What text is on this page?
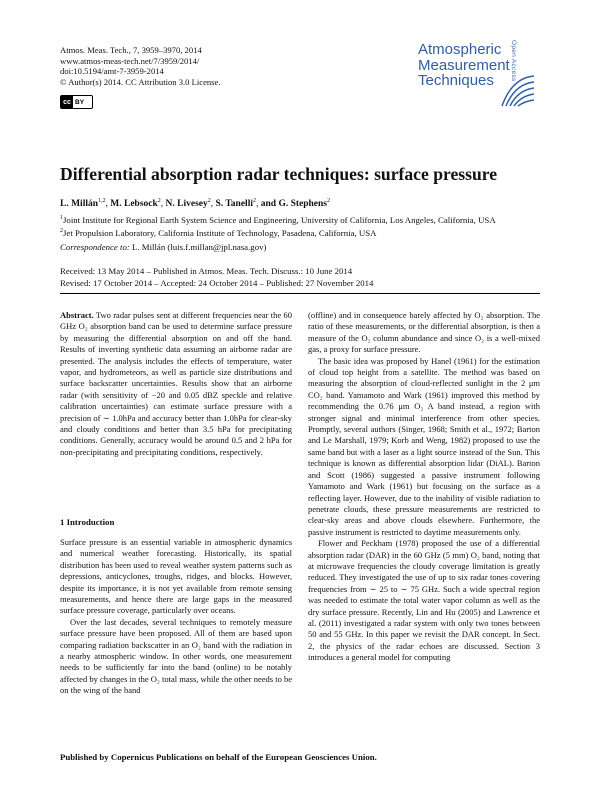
Atmos. Meas. Tech., 7, 3959–3970, 2014
www.atmos-meas-tech.net/7/3959/2014/
doi:10.5194/amt-7-3959-2014
© Author(s) 2014. CC Attribution 3.0 License.
cc BY
Atmospheric
Measurement
Techniques	Open Access
Differential absorption radar techniques: surface pressure
L. Millán$^{1,2}$, M. Lebsock$^2$, N. Livesey$^2$, S. Tanelli$^2$, and G. Stephens$^2$
$^1$Joint Institute for Regional Earth System Science and Engineering, University of California, Los Angeles, California, USA
$^2$Jet Propulsion Laboratory, California Institute of Technology, Pasadena, California, USA
Correspondence to: L. Millán (luis.f.millan@jpl.nasa.gov)
Received: 13 May 2014 – Published in Atmos. Meas. Tech. Discuss.: 10 June 2014
Revised: 17 October 2014 – Accepted: 24 October 2014 – Published: 27 November 2014

Abstract. Two radar pulses sent at different frequencies near the 60 GHz O₂ absorption band can be used to determine surface pressure by measuring the differential absorption on and off the band. Results of inverting synthetic data assuming an airborne radar are presented. The analysis includes the effects of temperature, water vapor, and hydrometeors, as well as particle size distributions and surface backscatter uncertainties. Results show that an airborne radar (with sensitivity of −20 and 0.05 dBZ speckle and relative calibration uncertainties) can estimate surface pressure with a precision of ∼ 1.0hPa and accuracy better than 1.0hPa for clear-sky and cloudy conditions and better than 3.5 hPa for precipitating conditions. Generally, accuracy would be around 0.5 and 2 hPa for non-precipitating and precipitating conditions, respectively.

1 Introduction

Surface pressure is an essential variable in atmospheric dynamics and numerical weather forecasting. Historically, its spatial distribution has been used to reveal weather system patterns such as depressions, anticyclones, troughs, ridges, and blocks. However, despite its importance, it is not yet available from remote sensing measurements, and hence there are large gaps in the measured surface pressure coverage, particularly over oceans.

Over the last decades, several techniques to remotely measure surface pressure have been proposed. All of them are based upon comparing radiation backscatter in an O₂ band with the radiation in a nearby atmospheric window. In other words, one measurement needs to be sufficiently far into the band (online) to be notably affected by changes in the O₂ total mass, while the other needs to be on the wing of the band

(offline) and in consequence barely affected by O₂ absorption. The ratio of these measurements, or the differential absorption, is then a measure of the O₂ column abundance and since O₂ is a well-mixed gas, a proxy for surface pressure.

The basic idea was proposed by Hanel (1961) for the estimation of cloud top height from a satellite. The method was based on measuring the absorption of cloud-reflected sunlight in the 2 μm CO₂ band. Yamamoto and Wark (1961) improved this method by recommending the 0.76 μm O₂ A band instead, a region with stronger signal and minimal interference from other species. Promptly, several authors (Singer, 1968; Smith et al., 1972; Barton and Le Marshall, 1979; Korb and Weng, 1982) proposed to use the same band but with a laser as a light source instead of the Sun. This technique is known as differential absorption lidar (DiAL). Barton and Scott (1986) suggested a passive instrument following Yamamoto and Wark (1961) but focusing on the surface as a reflecting layer. However, due to the inability of visible radiation to penetrate clouds, these pressure measurements are restricted to clear-sky areas and above clouds elsewhere. Furthermore, the passive instrument is restricted to daytime measurements only.

Flower and Peckham (1978) proposed the use of a differential absorption radar (DAR) in the 60 GHz (5 mm) O₂ band, noting that at microwave frequencies the cloudy coverage limitation is greatly reduced. They investigated the use of up to six radar tones covering frequencies from ∼ 25 to ∼ 75 GHz. Such a wide spectral region was needed to estimate the total water vapor column as well as the dry surface pressure. Recently, Lin and Hu (2005) and Lawrence et al. (2011) investigated a radar system with only two tones between 50 and 55 GHz. In this paper we revisit the DAR concept. In Sect. 2, the physics of the radar echoes are discussed. Section 3 introduces a general model for computing

Published by Copernicus Publications on behalf of the European Geosciences Union.
